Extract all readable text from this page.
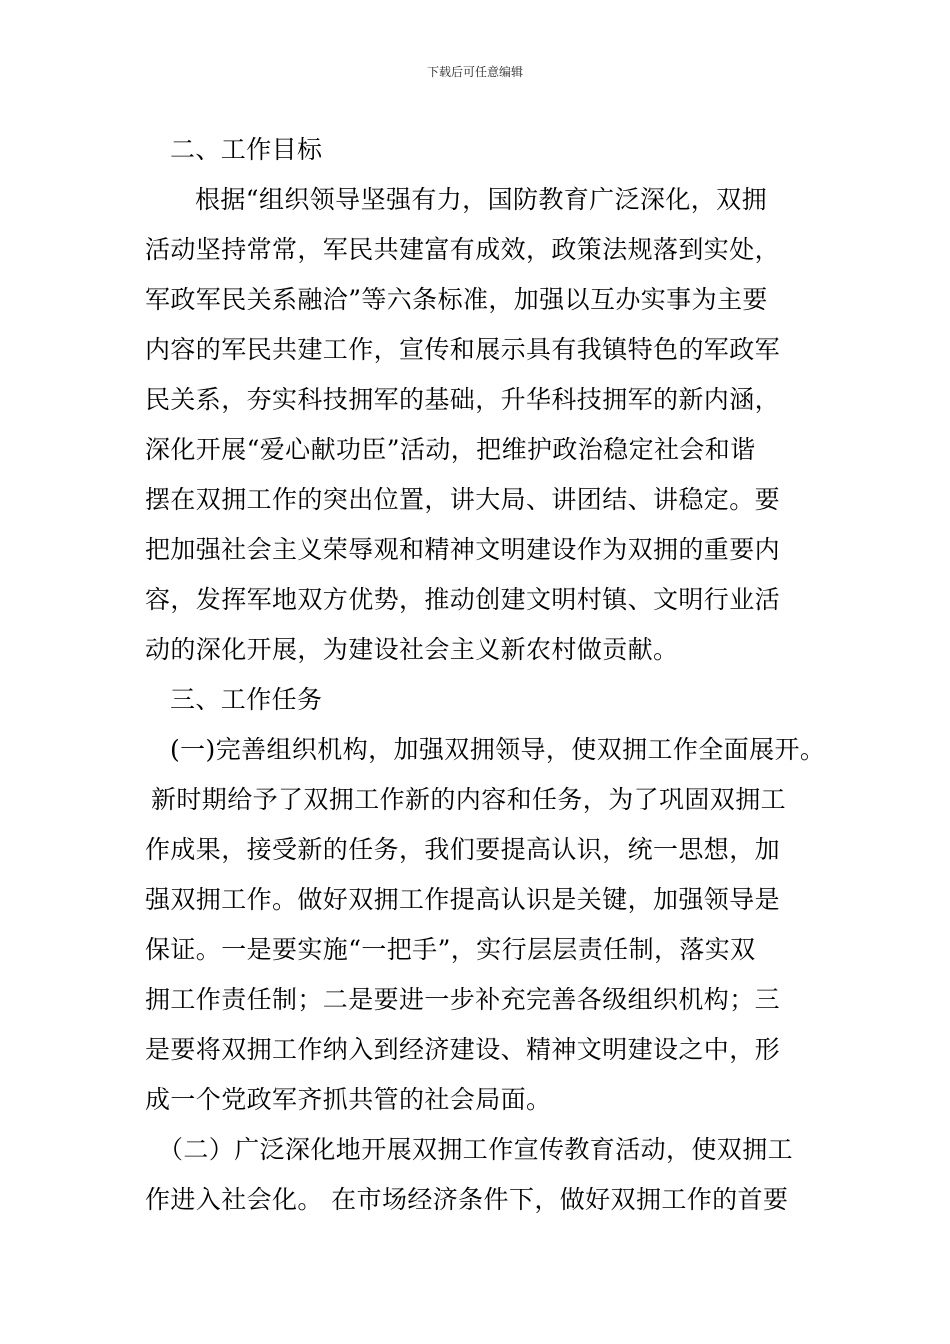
下载后可任意编辑
二、工作目标
根据“组织领导坚强有力，国防教育广泛深化，双拥
活动坚持常常，军民共建富有成效，政策法规落到实处，
军政军民关系融洽”等六条标准，加强以互办实事为主要
内容的军民共建工作，宣传和展示具有我镇特色的军政军
民关系，夯实科技拥军的基础，升华科技拥军的新内涵，
深化开展“爱心献功臣”活动，把维护政治稳定社会和谐
摆在双拥工作的突出位置，讲大局、讲团结、讲稳定。要
把加强社会主义荣辱观和精神文明建设作为双拥的重要内
容，发挥军地双方优势，推动创建文明村镇、文明行业活
动的深化开展，为建设社会主义新农村做贡献。
三、工作任务
(一)完善组织机构，加强双拥领导，使双拥工作全面展开。
新时期给予了双拥工作新的内容和任务，为了巩固双拥工
作成果，接受新的任务，我们要提高认识，统一思想，加
强双拥工作。做好双拥工作提高认识是关键，加强领导是
保证。一是要实施“一把手”，实行层层责任制，落实双
拥工作责任制；二是要进一步补充完善各级组织机构；三
是要将双拥工作纳入到经济建设、精神文明建设之中，形
成一个党政军齐抓共管的社会局面。
（二）广泛深化地开展双拥工作宣传教育活动，使双拥工
作进入社会化。 在市场经济条件下，做好双拥工作的首要
